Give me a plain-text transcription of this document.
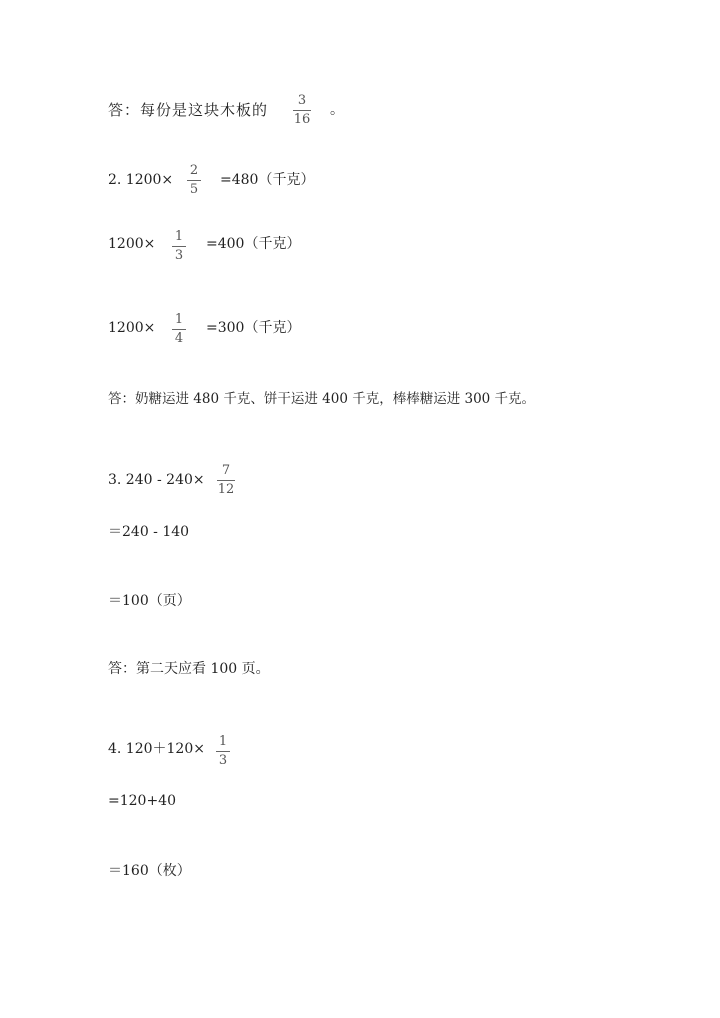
答：每份是这块木板的
3
16
。
2. 1200×
2
5
=480（千克）
1200× 1
3
=400（千克）
1200×
1
4
=300（千克）
答：奶糖运进 480 千克、饼干运进 400 千克，棒棒糖运进 300 千克。
3. 240 - 240×
7
12
＝240 - 140
＝100（页）
答：第二天应看 100 页。
4. 120＋120× 1
3
=120+40
＝160（枚）
